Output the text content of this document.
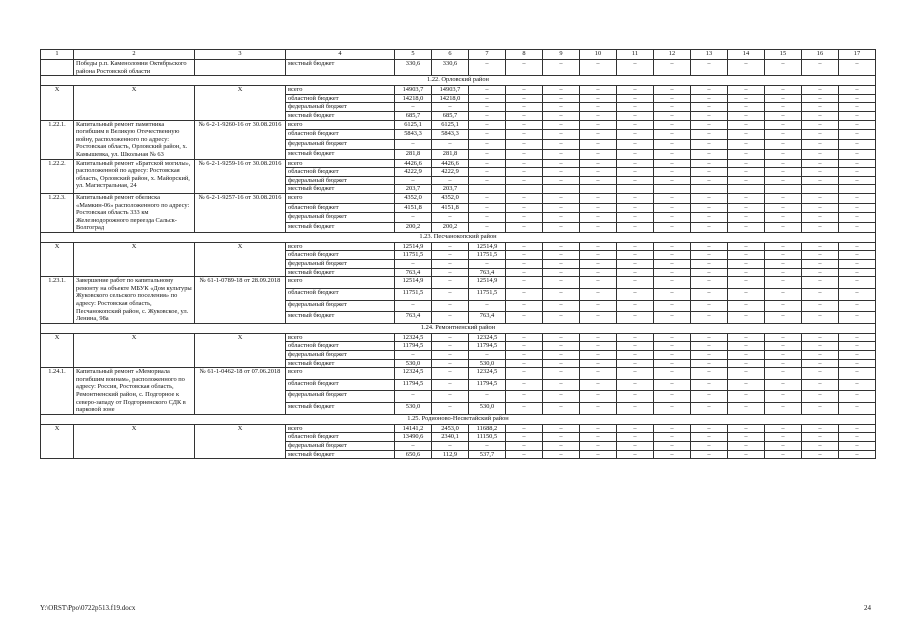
1	2	3	4	5	6	7	8	9	10	11	12	13	14	15	16	17
	Победы р.п. Каменоломни Октябрьского района Ростовской области		местный бюджет	330,6	330,6	–	–	–	–	–	–	–	–	–	–	–
1.22. Орловский район																
X	X	X	всего	14903,7	14903,7	–	–	–	–	–	–	–	–	–	–	–
			областной бюджет	14218,0	14218,0	–	–	–	–	–	–	–	–	–	–	–
			федеральный бюджет	–	–	–	–	–	–	–	–	–	–	–	–	–
			местный бюджет	685,7	685,7	–	–	–	–	–	–	–	–	–	–	–
1.22.1.	Капитальный ремонт памятника погибшим в Великую Отечественную войну, расположенного по адресу: Ростовская область, Орловский район, х. Камышевка, ул. Школьная № 63	№ 6-2-1-9260-16 от 30.08.2016	всего	6125,1	6125,1	–	–	–	–	–	–	–	–	–	–	–
			областной бюджет	5843,3	5843,3	–	–	–	–	–	–	–	–	–	–	–
			федеральный бюджет	–	–	–	–	–	–	–	–	–	–	–	–	–
			местный бюджет	281,8	281,8	–	–	–	–	–	–	–	–	–	–	–
1.22.2.	Капитальный ремонт «Братской могилы», расположенной по адресу: Ростовская область, Орловский район, х. Майорский, ул. Магистральная, 24	№ 6-2-1-9259-16 от 30.08.2016	всего	4426,6	4426,6	–	–	–	–	–	–	–	–	–	–	–
			областной бюджет	4222,9	4222,9	–	–	–	–	–	–	–	–	–	–	–
			федеральный бюджет	–	–	–	–	–	–	–	–	–	–	–	–	–
			местный бюджет	203,7	203,7											
1.22.3.	Капитальный ремонт обелиска «Мамкин-06» расположенного по адресу: Ростовская область 333 км Железнодорожного переезда Сальск-Волгоград	№ 6-2-1-9257-16 от 30.08.2016	всего	4352,0	4352,0	–	–	–	–	–	–	–	–	–	–	–
			областной бюджет	4151,8	4151,8	–	–	–	–	–	–	–	–	–	–	–
			федеральный бюджет	–	–	–	–	–	–	–	–	–	–	–	–	–
			местный бюджет	200,2	200,2	–	–	–	–	–	–	–	–	–	–	–
1.23. Песчанокопский район																
X	X	X	всего	12514,9	–	12514,9	–	–	–	–	–	–	–	–	–	–
			областной бюджет	11751,5	–	11751,5	–	–	–	–	–	–	–	–	–	–
			федеральный бюджет	–	–	–	–	–	–	–	–	–	–	–	–	–
			местный бюджет	763,4	–	763,4	–	–	–	–	–	–	–	–	–	–
1.23.1.	Завершение работ по капитальному ремонту на объекте МБУК «Дом культуры Жуковского сельского поселения» по адресу: Ростовская область, Песчанокопский район, с. Жуковское, ул. Ленина, 98а	№ 61-1-0789-18 от 28.09.2018	всего	12514,9	–	12514,9	–	–	–	–	–	–	–	–	–	–
			областной бюджет	11751,5	–	11751,5	–	–	–	–	–	–	–	–	–	–
			федеральный бюджет	–	–	–	–	–	–	–	–	–	–	–	–	–
			местный бюджет	763,4	–	763,4	–	–	–	–	–	–	–	–	–	–
1.24. Ремонтненский район																
X	X	X	всего	12324,5	–	12324,5	–	–	–	–	–	–	–	–	–	–
			областной бюджет	11794,5	–	11794,5	–	–	–	–	–	–	–	–	–	–
			федеральный бюджет	–	–	–	–	–	–	–	–	–	–	–	–	–
			местный бюджет	530,0	–	530,0	–	–	–	–	–	–	–	–	–	–
1.24.1.	Капитальный ремонт «Мемориала погибшим воинам», расположенного по адресу: Россия, Ростовская область, Ремонтненский район, с. Подгорное к северо-западу от Подгорненского СДК в парковой зоне	№ 61-1-0462-18 от 07.06.2018	всего	12324,5	–	12324,5	–	–	–	–	–	–	–	–	–	–
			областной бюджет	11794,5	–	11794,5	–	–	–	–	–	–	–	–	–	–
			федеральный бюджет	–	–	–	–	–	–	–	–	–	–	–	–	–
			местный бюджет	530,0	–	530,0	–	–	–	–	–	–	–	–	–	–
1.25. Родионово-Несветайский район																
X	X	X	всего	14141,2	2453,0	11688,2	–	–	–	–	–	–	–	–	–	–
			областной бюджет	13490,6	2340,1	11150,5	–	–	–	–	–	–	–	–	–	–
			федеральный бюджет	–	–	–	–	–	–	–	–	–	–	–	–	–
			местный бюджет	650,6	112,9	537,7	–	–	–	–	–	–	–	–	–	–
Y:\ORST\Ppo\0722p513.f19.docx	24
